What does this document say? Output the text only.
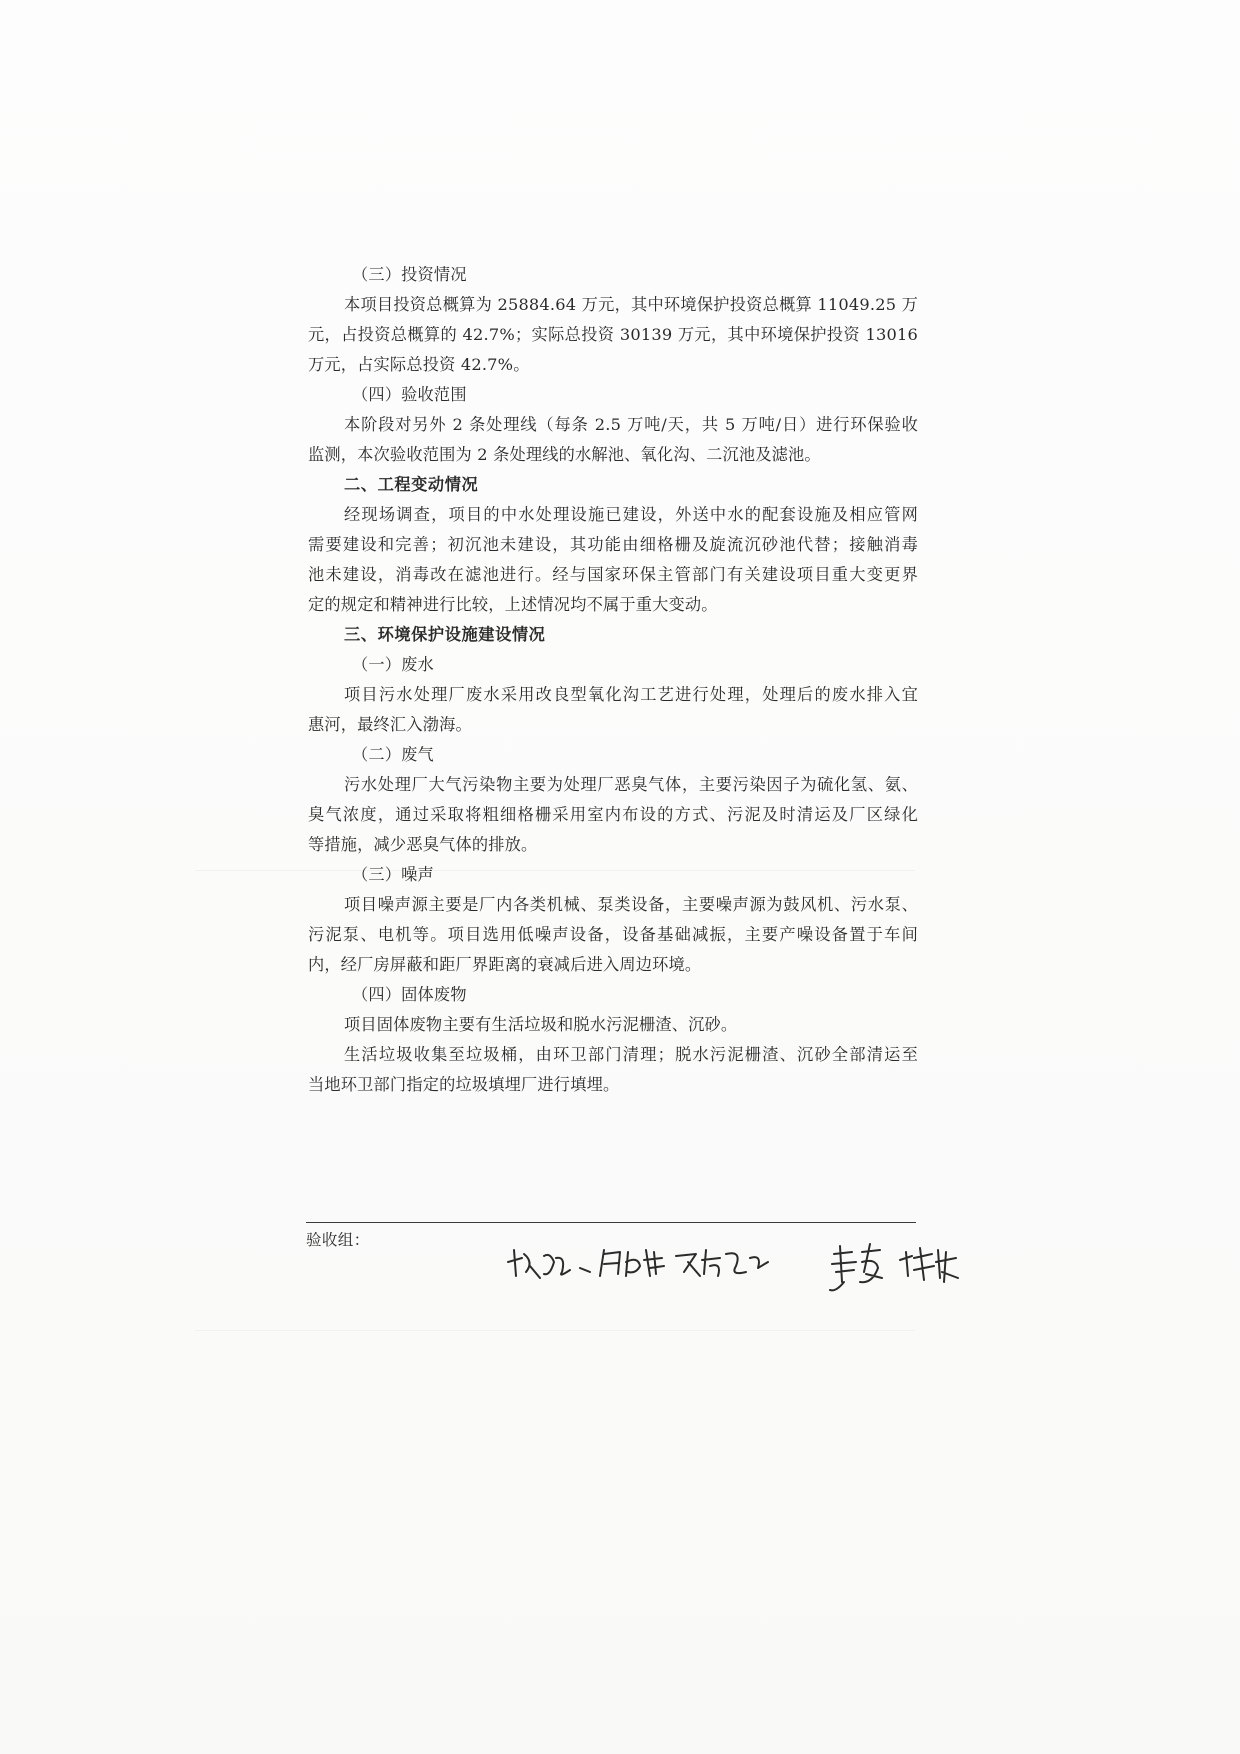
（三）投资情况
本项目投资总概算为 25884.64 万元，其中环境保护投资总概算 11049.25 万
元，占投资总概算的 42.7%；实际总投资 30139 万元，其中环境保护投资 13016
万元，占实际总投资 42.7%。
（四）验收范围
本阶段对另外 2 条处理线（每条 2.5 万吨/天，共 5 万吨/日）进行环保验收
监测，本次验收范围为 2 条处理线的水解池、氧化沟、二沉池及滤池。
二、工程变动情况
经现场调查，项目的中水处理设施已建设，外送中水的配套设施及相应管网
需要建设和完善；初沉池未建设，其功能由细格栅及旋流沉砂池代替；接触消毒
池未建设，消毒改在滤池进行。经与国家环保主管部门有关建设项目重大变更界
定的规定和精神进行比较，上述情况均不属于重大变动。
三、环境保护设施建设情况
（一）废水
项目污水处理厂废水采用改良型氧化沟工艺进行处理，处理后的废水排入宜
惠河，最终汇入渤海。
（二）废气
污水处理厂大气污染物主要为处理厂恶臭气体，主要污染因子为硫化氢、氨、
臭气浓度，通过采取将粗细格栅采用室内布设的方式、污泥及时清运及厂区绿化
等措施，减少恶臭气体的排放。
（三）噪声
项目噪声源主要是厂内各类机械、泵类设备，主要噪声源为鼓风机、污水泵、
污泥泵、电机等。项目选用低噪声设备，设备基础减振，主要产噪设备置于车间
内，经厂房屏蔽和距厂界距离的衰减后进入周边环境。
（四）固体废物
项目固体废物主要有生活垃圾和脱水污泥栅渣、沉砂。
生活垃圾收集至垃圾桶，由环卫部门清理；脱水污泥栅渣、沉砂全部清运至
当地环卫部门指定的垃圾填埋厂进行填埋。
验收组：
